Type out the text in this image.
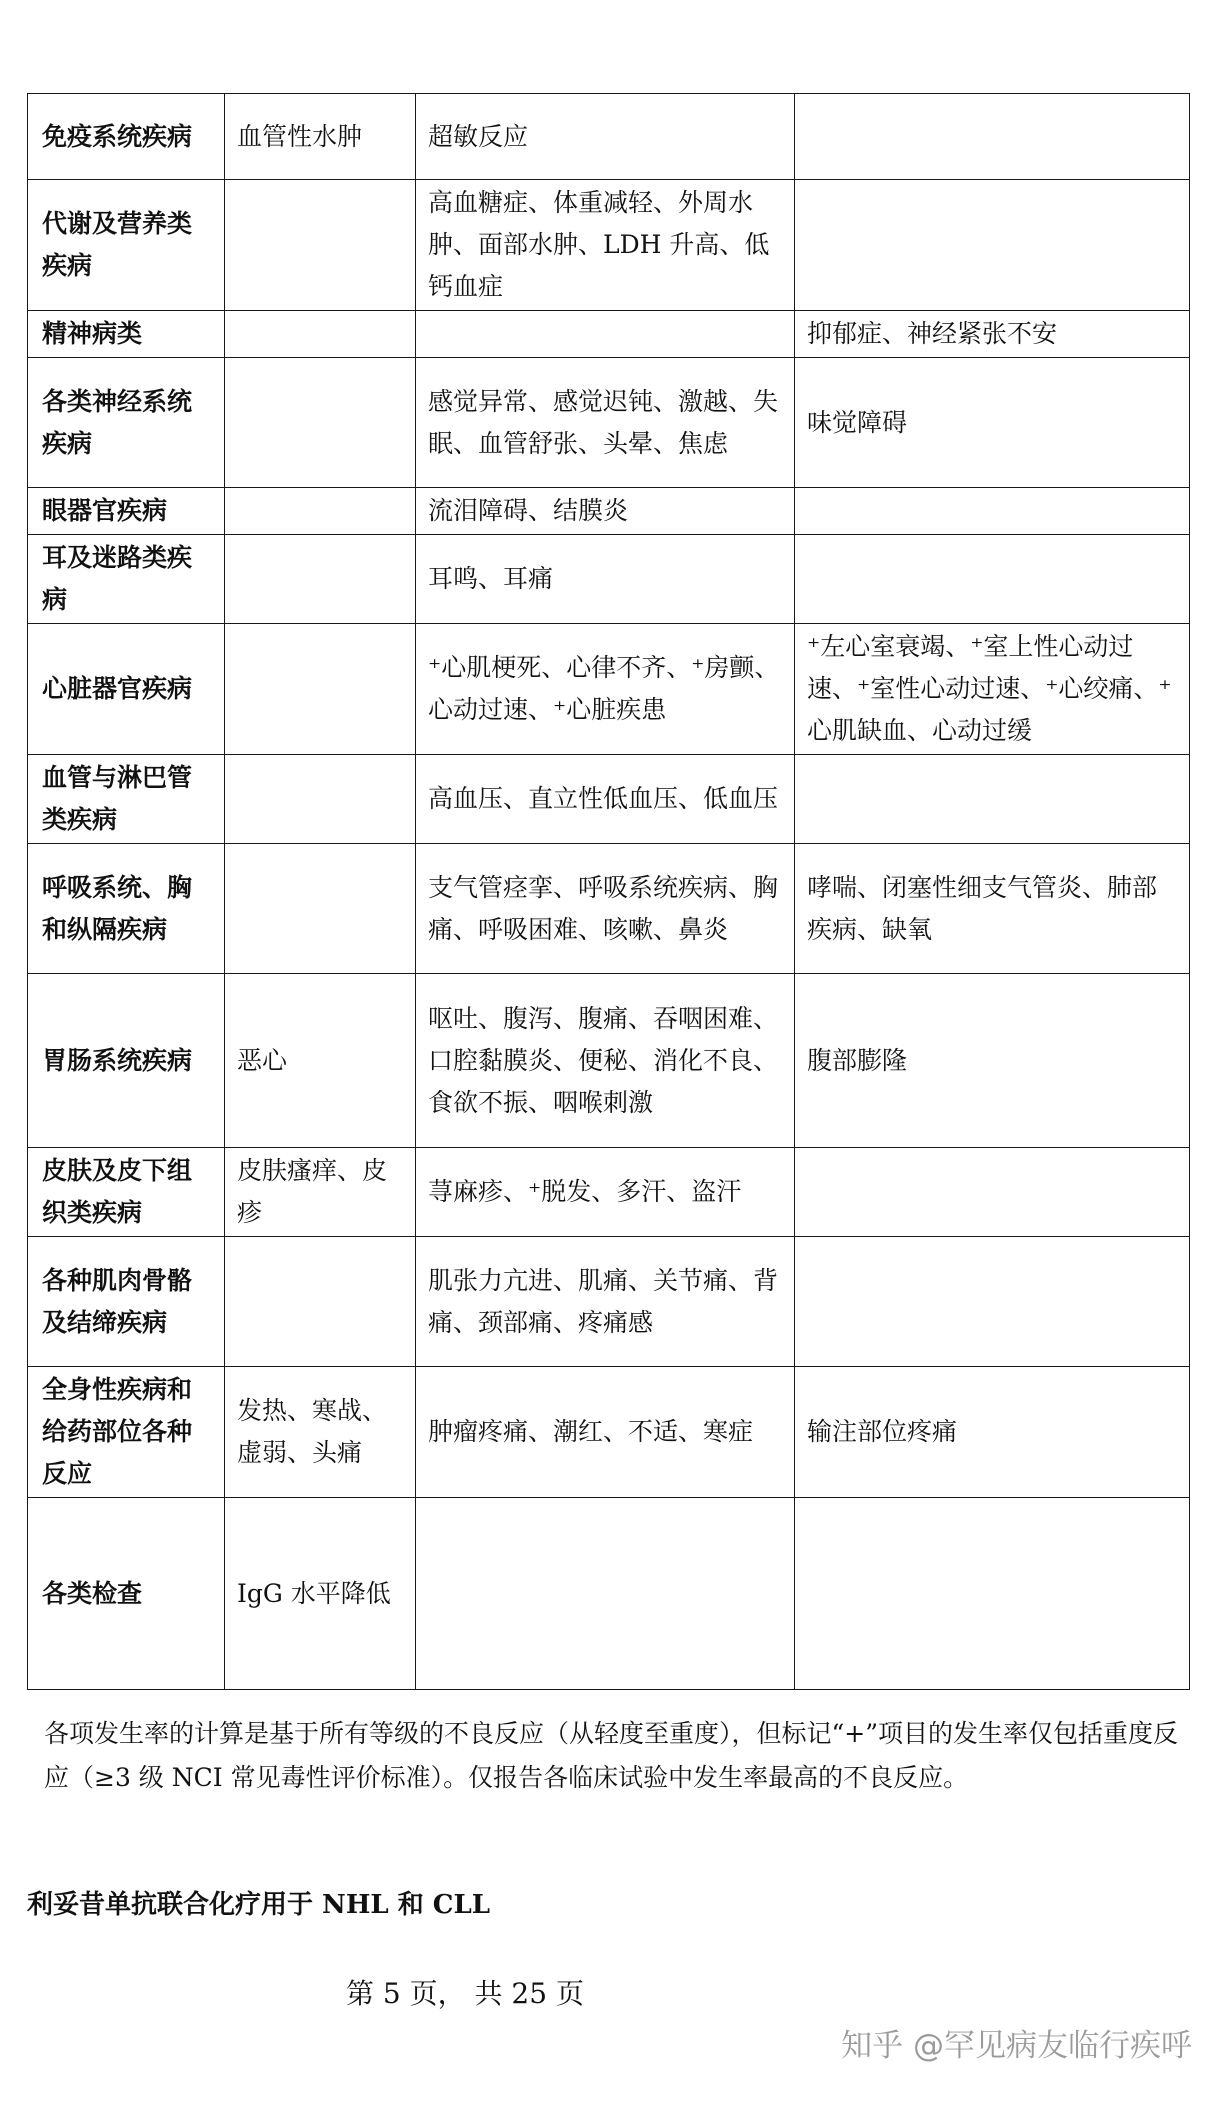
免疫系统疾病	血管性水肿	超敏反应	
代谢及营养类疾病		高血糖症、体重减轻、外周水肿、面部水肿、LDH 升高、低钙血症	
精神病类			抑郁症、神经紧张不安
各类神经系统疾病		感觉异常、感觉迟钝、激越、失眠、血管舒张、头晕、焦虑	味觉障碍
眼器官疾病		流泪障碍、结膜炎	
耳及迷路类疾病		耳鸣、耳痛	
心脏器官疾病		⁺心肌梗死、心律不齐、⁺房颤、心动过速、⁺心脏疾患	⁺左心室衰竭、⁺室上性心动过速、⁺室性心动过速、⁺心绞痛、⁺心肌缺血、心动过缓
血管与淋巴管类疾病		高血压、直立性低血压、低血压	
呼吸系统、胸和纵隔疾病		支气管痉挛、呼吸系统疾病、胸痛、呼吸困难、咳嗽、鼻炎	哮喘、闭塞性细支气管炎、肺部疾病、缺氧
胃肠系统疾病	恶心	呕吐、腹泻、腹痛、吞咽困难、口腔黏膜炎、便秘、消化不良、食欲不振、咽喉刺激	腹部膨隆
皮肤及皮下组织类疾病	皮肤瘙痒、皮疹	荨麻疹、⁺脱发、多汗、盗汗	
各种肌肉骨骼及结缔疾病		肌张力亢进、肌痛、关节痛、背痛、颈部痛、疼痛感	
全身性疾病和给药部位各种反应	发热、寒战、虚弱、头痛	肿瘤疼痛、潮红、不适、寒症	输注部位疼痛
各类检查	IgG 水平降低		

各项发生率的计算是基于所有等级的不良反应（从轻度至重度），但标记“+”项目的发生率仅包括重度反应（≥3 级 NCI 常见毒性评价标准）。仅报告各临床试验中发生率最高的不良反应。

利妥昔单抗联合化疗用于 NHL 和 CLL
第 5 页， 共 25 页
知乎 @罕见病友临行疾呼
